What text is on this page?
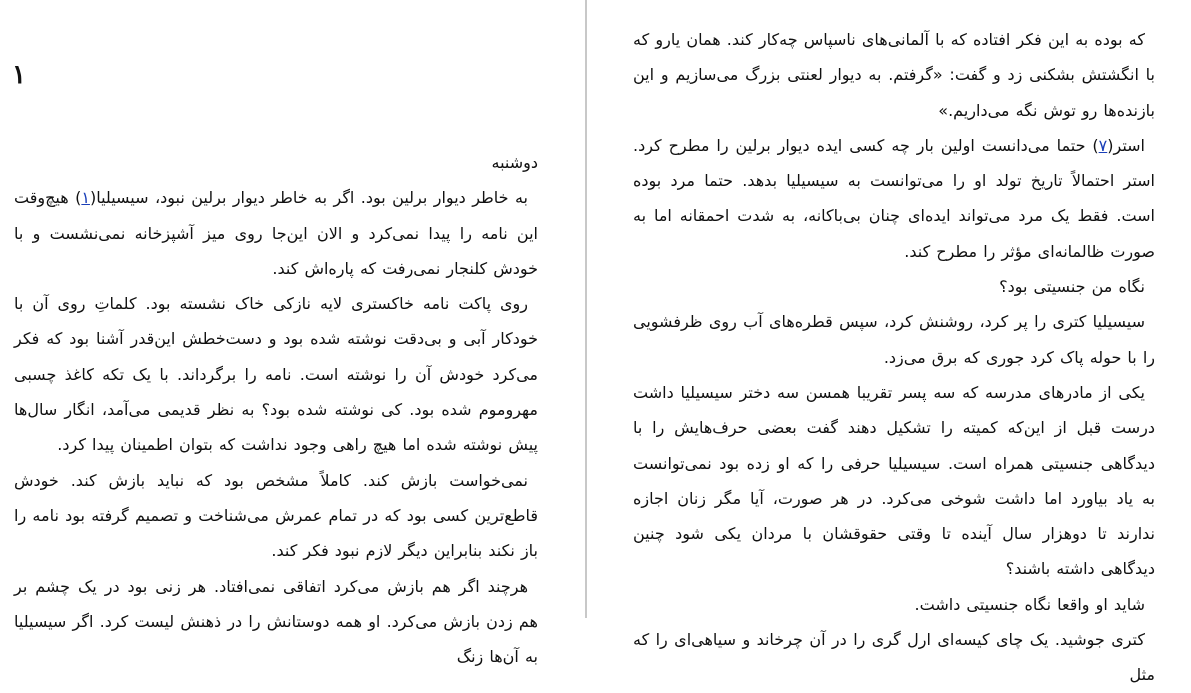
۱

دوشنبه

به خاطر دیوار برلین بود. اگر به خاطر دیوار برلین نبود، سیسیلیا(۱) هیچ‌وقت این نامه را پیدا نمی‌کرد و الان این‌جا روی میز آشپزخانه نمی‌نشست و با خودش کلنجار نمی‌رفت که پاره‌اش کند.

روی پاکت نامه خاکستری لایه نازکی خاک نشسته بود. کلماتِ روی آن با خودکار آبی و بی‌دقت نوشته شده بود و دست‌خطش این‌قدر آشنا بود که فکر می‌کرد خودش آن را نوشته است. نامه را برگرداند. با یک تکه کاغذ چسبی مهروموم شده بود. کی نوشته شده بود؟ به نظر قدیمی می‌آمد، انگار سال‌ها پیش نوشته شده اما هیچ راهی وجود نداشت که بتوان اطمینان پیدا کرد.

نمی‌خواست بازش کند. کاملاً مشخص بود که نباید بازش کند. خودش قاطع‌ترین کسی بود که در تمام عمرش می‌شناخت و تصمیم گرفته بود نامه را باز نکند بنابراین دیگر لازم نبود فکر کند.

هرچند اگر هم بازش می‌کرد اتفاقی نمی‌افتاد. هر زنی بود در یک چشم بر هم زدن بازش می‌کرد. او همه دوستانش را در ذهنش لیست کرد. اگر سیسیلیا به آن‌ها زنگ

که بوده به این فکر افتاده که با آلمانی‌های ناسپاس چه‌کار کند. همان یارو که با انگشتش بشکنی زد و گفت: «گرفتم. به دیوار لعنتی بزرگ می‌سازیم و این بازنده‌ها رو توش نگه می‌داریم.»

استر(۷) حتما می‌دانست اولین بار چه کسی ایده دیوار برلین را مطرح کرد. استر احتمالاً تاریخ تولد او را می‌توانست به سیسیلیا بدهد. حتما مرد بوده است. فقط یک مرد می‌تواند ایده‌ای چنان بی‌باکانه، به شدت احمقانه اما به صورت ظالمانه‌ای مؤثر را مطرح کند.

نگاه من جنسیتی بود؟

سیسیلیا کتری را پر کرد، روشنش کرد، سپس قطره‌های آب روی ظرفشویی را با حوله پاک کرد جوری که برق می‌زد.

یکی از مادرهای مدرسه که سه پسر تقریبا همسن سه دختر سیسیلیا داشت درست قبل از این‌که کمیته را تشکیل دهند گفت بعضی حرف‌هایش را با دیدگاهی جنسیتی همراه است. سیسیلیا حرفی را که او زده بود نمی‌توانست به یاد بیاورد اما داشت شوخی می‌کرد. در هر صورت، آیا مگر زنان اجازه ندارند تا دوهزار سال آینده تا وقتی حقوقشان با مردان یکی شود چنین دیدگاهی داشته باشند؟

شاید او واقعا نگاه جنسیتی داشت.

کتری جوشید. یک چای کیسه‌ای ارل گری را در آن چرخاند و سیاهی‌ای را که مثل
